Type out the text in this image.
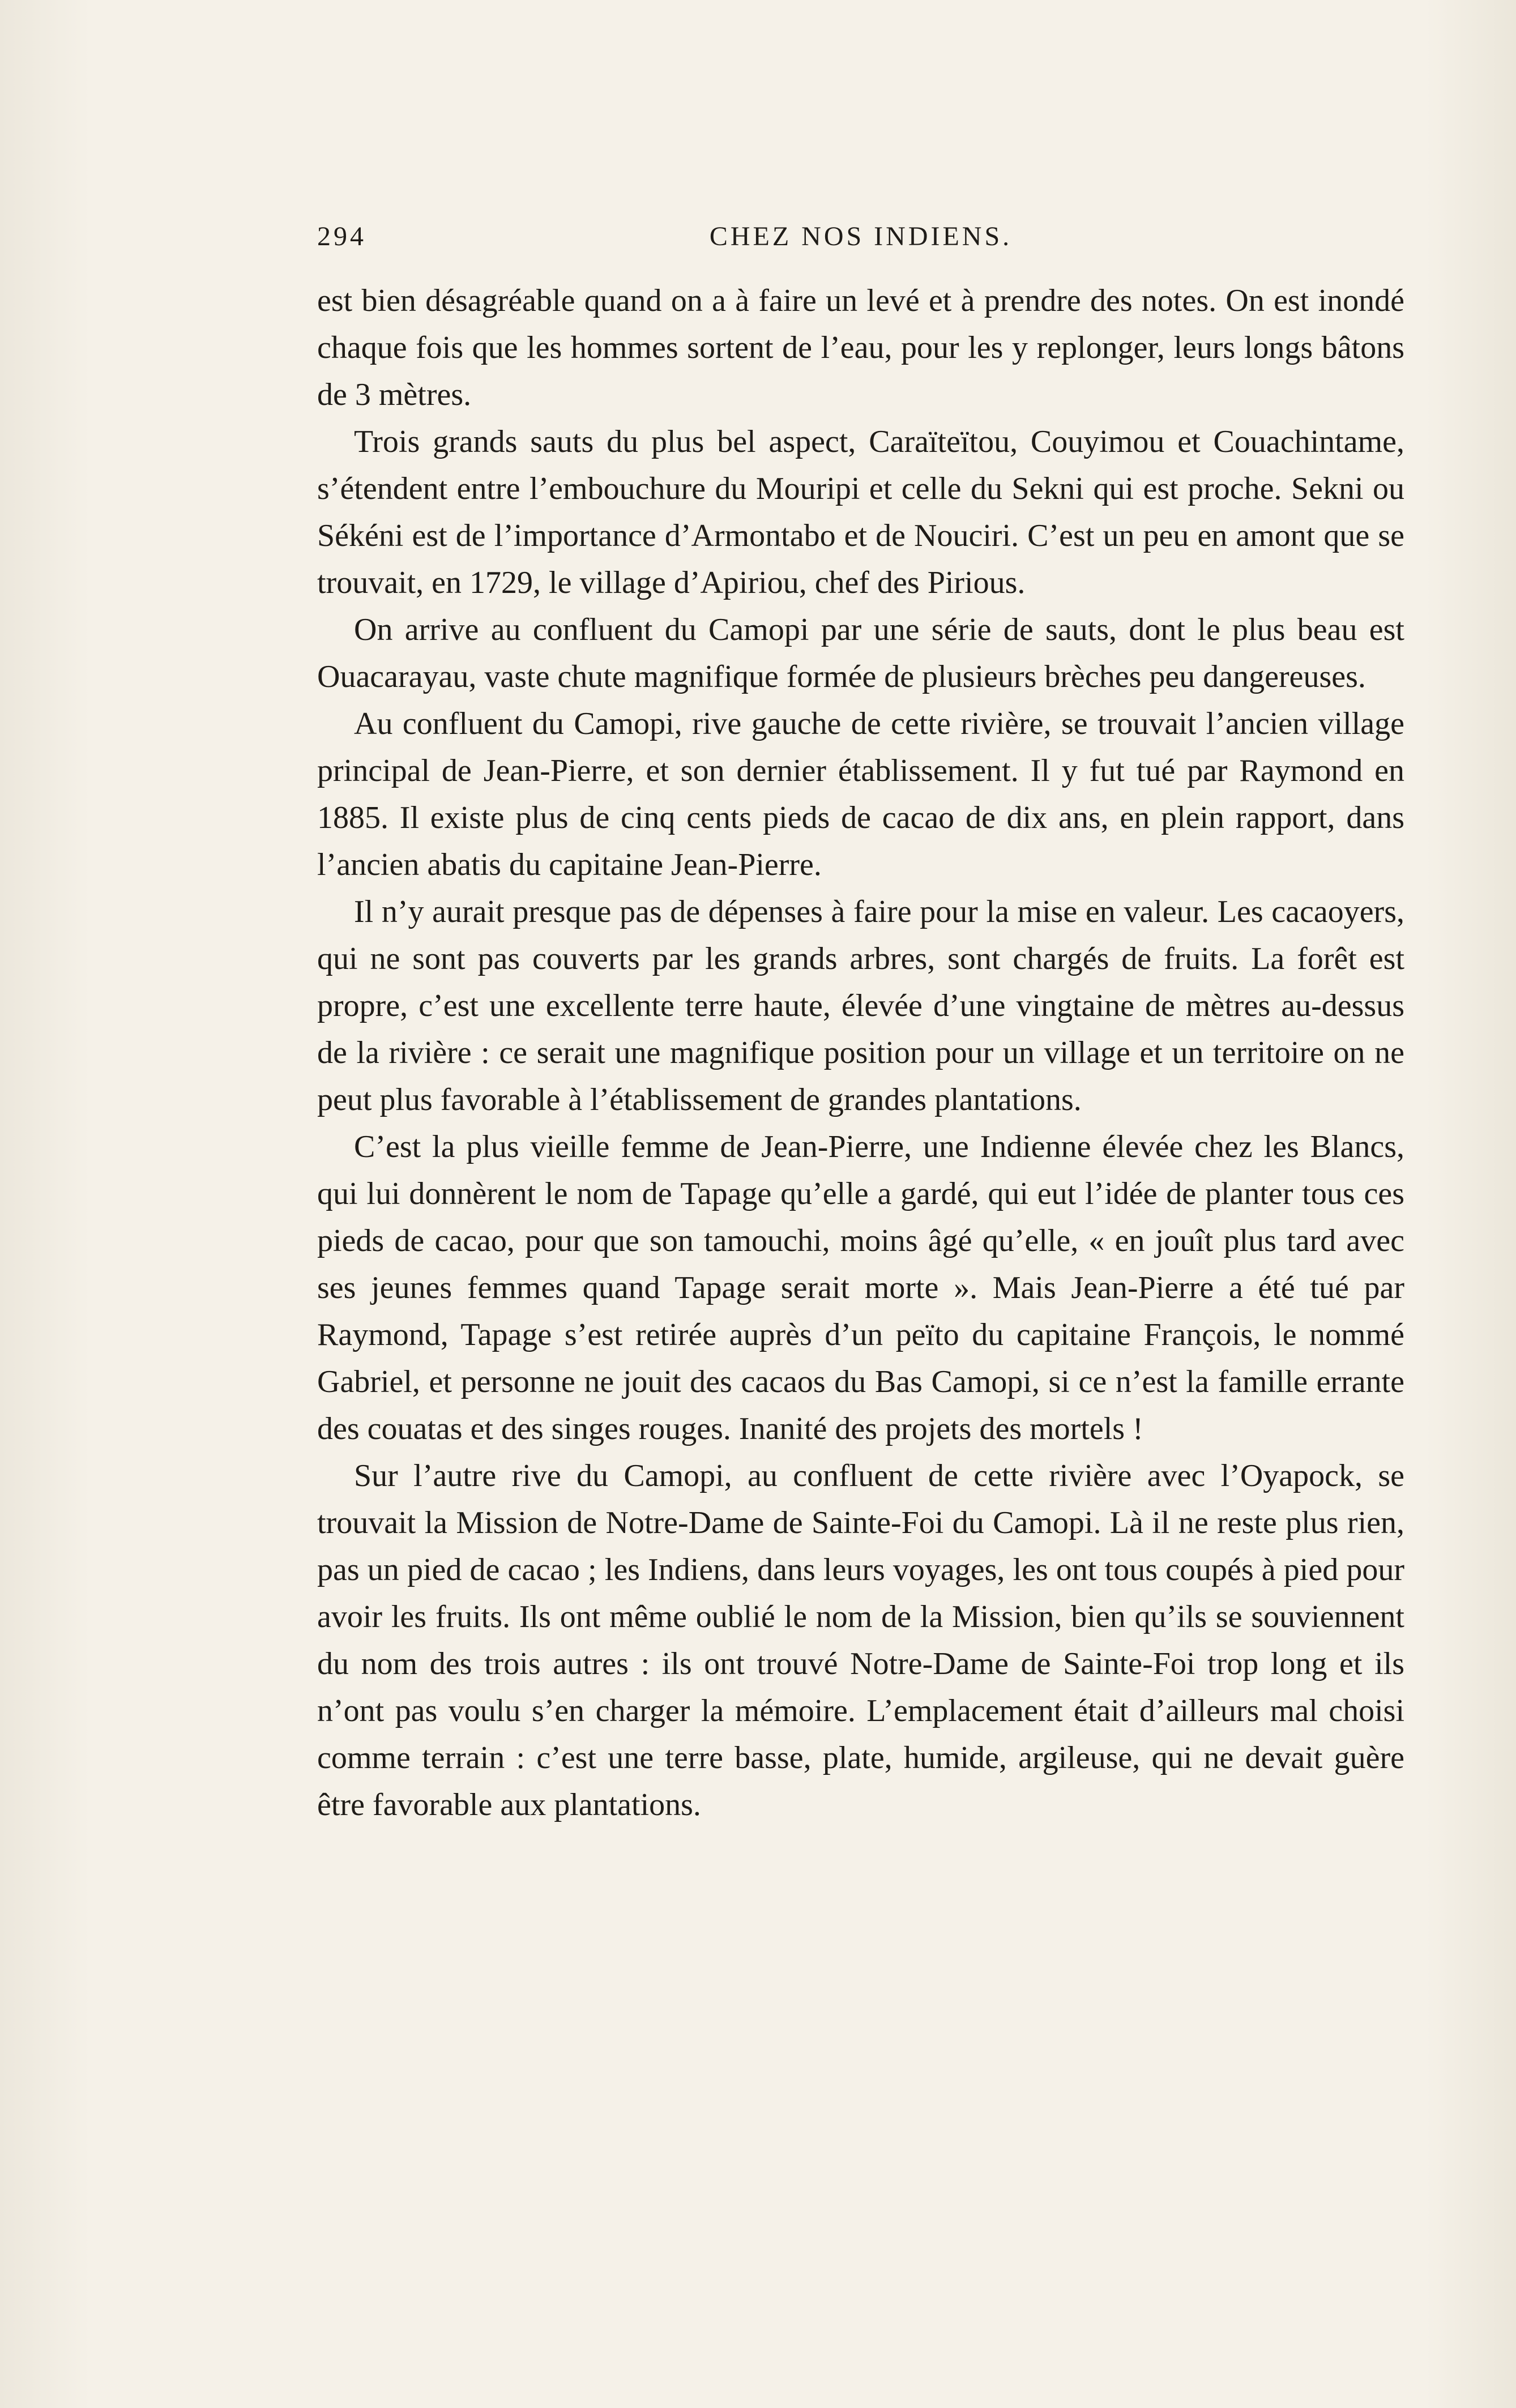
294	CHEZ NOS INDIENS.

est bien désagréable quand on a à faire un levé et à prendre des notes. On est inondé chaque fois que les hommes sortent de l’eau, pour les y replonger, leurs longs bâtons de 3 mètres.

Trois grands sauts du plus bel aspect, Caraïteïtou, Couyimou et Couachintame, s’étendent entre l’embouchure du Mouripi et celle du Sekni qui est proche. Sekni ou Sékéni est de l’importance d’Armontabo et de Nouciri. C’est un peu en amont que se trouvait, en 1729, le village d’Apiriou, chef des Pirious.

On arrive au confluent du Camopi par une série de sauts, dont le plus beau est Ouacarayau, vaste chute magnifique formée de plusieurs brèches peu dangereuses.

Au confluent du Camopi, rive gauche de cette rivière, se trouvait l’ancien village principal de Jean-Pierre, et son dernier établissement. Il y fut tué par Raymond en 1885. Il existe plus de cinq cents pieds de cacao de dix ans, en plein rapport, dans l’ancien abatis du capitaine Jean-Pierre.

Il n’y aurait presque pas de dépenses à faire pour la mise en valeur. Les cacaoyers, qui ne sont pas couverts par les grands arbres, sont chargés de fruits. La forêt est propre, c’est une excellente terre haute, élevée d’une vingtaine de mètres au-dessus de la rivière : ce serait une magnifique position pour un village et un territoire on ne peut plus favorable à l’établissement de grandes plantations.

C’est la plus vieille femme de Jean-Pierre, une Indienne élevée chez les Blancs, qui lui donnèrent le nom de Tapage qu’elle a gardé, qui eut l’idée de planter tous ces pieds de cacao, pour que son tamouchi, moins âgé qu’elle, « en jouît plus tard avec ses jeunes femmes quand Tapage serait morte ». Mais Jean-Pierre a été tué par Raymond, Tapage s’est retirée auprès d’un peïto du capitaine François, le nommé Gabriel, et personne ne jouit des cacaos du Bas Camopi, si ce n’est la famille errante des couatas et des singes rouges. Inanité des projets des mortels !

Sur l’autre rive du Camopi, au confluent de cette rivière avec l’Oyapock, se trouvait la Mission de Notre-Dame de Sainte-Foi du Camopi. Là il ne reste plus rien, pas un pied de cacao ; les Indiens, dans leurs voyages, les ont tous coupés à pied pour avoir les fruits. Ils ont même oublié le nom de la Mission, bien qu’ils se souviennent du nom des trois autres : ils ont trouvé Notre-Dame de Sainte-Foi trop long et ils n’ont pas voulu s’en charger la mémoire. L’emplacement était d’ailleurs mal choisi comme terrain : c’est une terre basse, plate, humide, argileuse, qui ne devait guère être favorable aux plantations.
